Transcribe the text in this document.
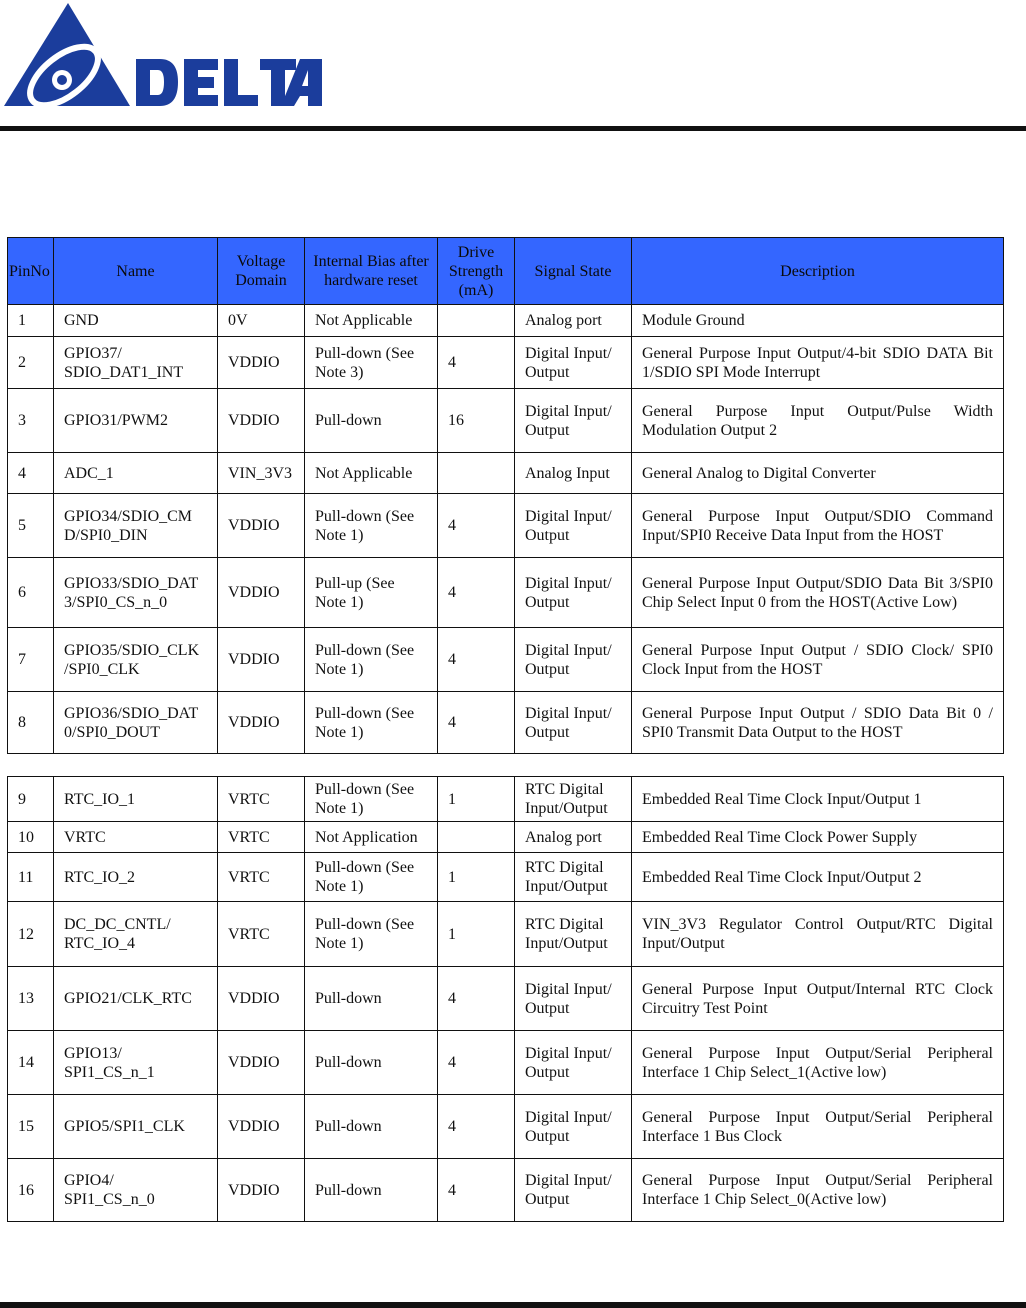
PinNo	Name	Voltage Domain	Internal Bias after hardware reset	Drive Strength (mA)	Signal State	Description
1	GND	0V	Not Applicable		Analog port	Module Ground
2	GPIO37/ SDIO_DAT1_INT	VDDIO	Pull-down (See Note 3)	4	Digital Input/ Output	General Purpose Input Output/4-bit SDIO DATA Bit 1/SDIO SPI Mode Interrupt
3	GPIO31/PWM2	VDDIO	Pull-down	16	Digital Input/ Output	General Purpose Input Output/Pulse Width Modulation Output 2
4	ADC_1	VIN_3V3	Not Applicable		Analog Input	General Analog to Digital Converter
5	GPIO34/SDIO_CM D/SPI0_DIN	VDDIO	Pull-down (See Note 1)	4	Digital Input/ Output	General Purpose Input Output/SDIO Command Input/SPI0 Receive Data Input from the HOST
6	GPIO33/SDIO_DAT 3/SPI0_CS_n_0	VDDIO	Pull-up (See Note 1)	4	Digital Input/ Output	General Purpose Input Output/SDIO Data Bit 3/SPI0 Chip Select Input 0 from the HOST(Active Low)
7	GPIO35/SDIO_CLK /SPI0_CLK	VDDIO	Pull-down (See Note 1)	4	Digital Input/ Output	General Purpose Input Output / SDIO Clock/ SPI0 Clock Input from the HOST
8	GPIO36/SDIO_DAT 0/SPI0_DOUT	VDDIO	Pull-down (See Note 1)	4	Digital Input/ Output	General Purpose Input Output / SDIO Data Bit 0 / SPI0 Transmit Data Output to the HOST
9	RTC_IO_1	VRTC	Pull-down (See Note 1)	1	RTC Digital Input/Output	Embedded Real Time Clock Input/Output 1
10	VRTC	VRTC	Not Application		Analog port	Embedded Real Time Clock Power Supply
11	RTC_IO_2	VRTC	Pull-down (See Note 1)	1	RTC Digital Input/Output	Embedded Real Time Clock Input/Output 2
12	DC_DC_CNTL/ RTC_IO_4	VRTC	Pull-down (See Note 1)	1	RTC Digital Input/Output	VIN_3V3 Regulator Control Output/RTC Digital Input/Output
13	GPIO21/CLK_RTC	VDDIO	Pull-down	4	Digital Input/ Output	General Purpose Input Output/Internal RTC Clock Circuitry Test Point
14	GPIO13/ SPI1_CS_n_1	VDDIO	Pull-down	4	Digital Input/ Output	General Purpose Input Output/Serial Peripheral Interface 1 Chip Select_1(Active low)
15	GPIO5/SPI1_CLK	VDDIO	Pull-down	4	Digital Input/ Output	General Purpose Input Output/Serial Peripheral Interface 1 Bus Clock
16	GPIO4/ SPI1_CS_n_0	VDDIO	Pull-down	4	Digital Input/ Output	General Purpose Input Output/Serial Peripheral Interface 1 Chip Select_0(Active low)
